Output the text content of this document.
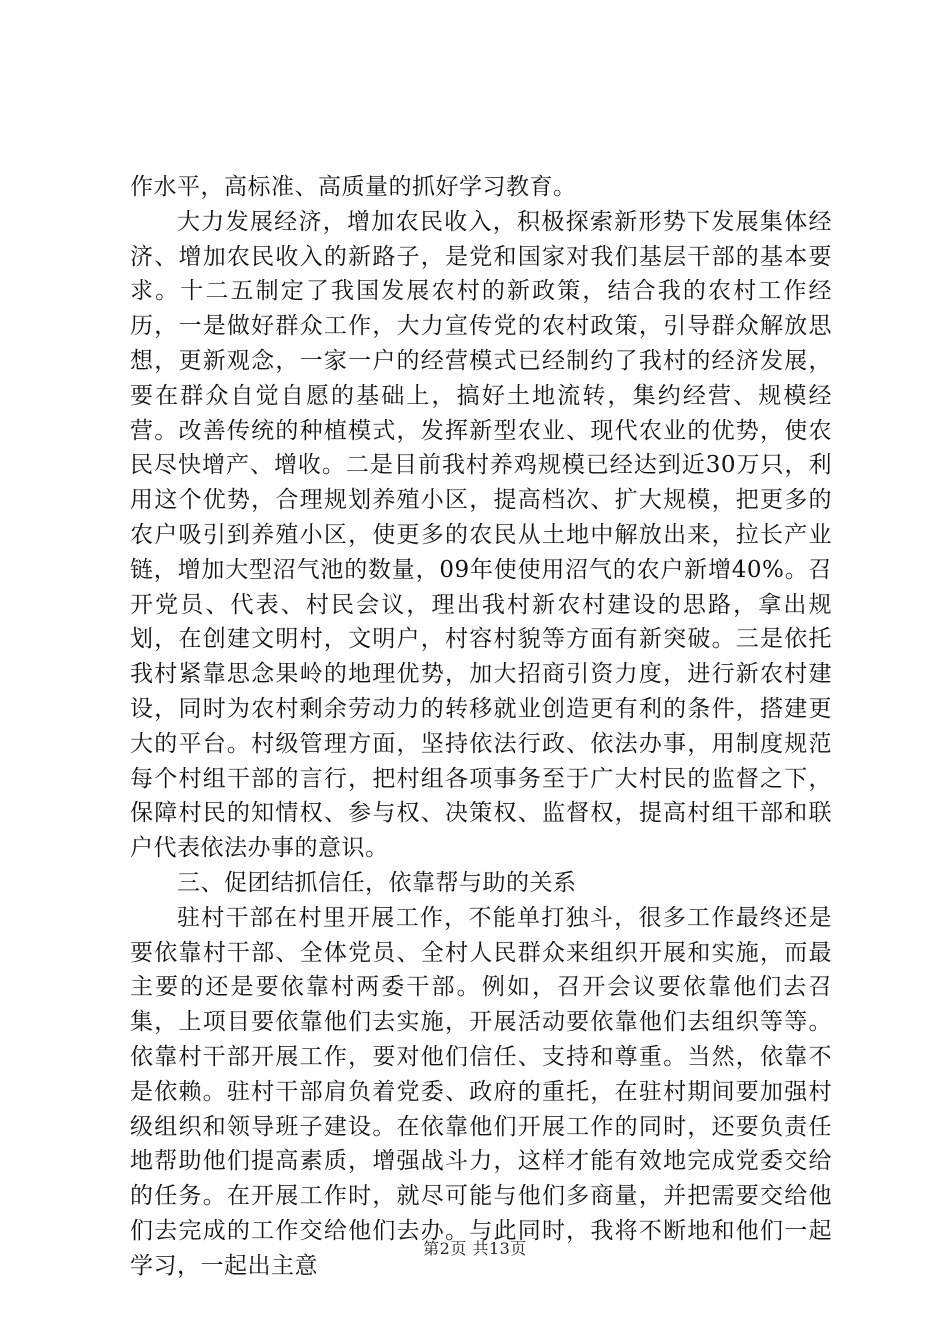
作水平，高标准、高质量的抓好学习教育。

大力发展经济，增加农民收入，积极探索新形势下发展集体经济、增加农民收入的新路子，是党和国家对我们基层干部的基本要求。十二五制定了我国发展农村的新政策，结合我的农村工作经历，一是做好群众工作，大力宣传党的农村政策，引导群众解放思想，更新观念，一家一户的经营模式已经制约了我村的经济发展，要在群众自觉自愿的基础上，搞好土地流转，集约经营、规模经营。改善传统的种植模式，发挥新型农业、现代农业的优势，使农民尽快增产、增收。二是目前我村养鸡规模已经达到近30万只，利用这个优势，合理规划养殖小区，提高档次、扩大规模，把更多的农户吸引到养殖小区，使更多的农民从土地中解放出来，拉长产业链，增加大型沼气池的数量，09年使使用沼气的农户新增40%。召开党员、代表、村民会议，理出我村新农村建设的思路，拿出规划，在创建文明村，文明户，村容村貌等方面有新突破。三是依托我村紧靠思念果岭的地理优势，加大招商引资力度，进行新农村建设，同时为农村剩余劳动力的转移就业创造更有利的条件，搭建更大的平台。村级管理方面，坚持依法行政、依法办事，用制度规范每个村组干部的言行，把村组各项事务至于广大村民的监督之下，保障村民的知情权、参与权、决策权、监督权，提高村组干部和联户代表依法办事的意识。

三、促团结抓信任，依靠帮与助的关系

驻村干部在村里开展工作，不能单打独斗，很多工作最终还是要依靠村干部、全体党员、全村人民群众来组织开展和实施，而最主要的还是要依靠村两委干部。例如，召开会议要依靠他们去召集，上项目要依靠他们去实施，开展活动要依靠他们去组织等等。依靠村干部开展工作，要对他们信任、支持和尊重。当然，依靠不是依赖。驻村干部肩负着党委、政府的重托，在驻村期间要加强村级组织和领导班子建设。在依靠他们开展工作的同时，还要负责任地帮助他们提高素质，增强战斗力，这样才能有效地完成党委交给的任务。在开展工作时，就尽可能与他们多商量，并把需要交给他们去完成的工作交给他们去办。与此同时，我将不断地和他们一起学习，一起出主意

第2页 共13页
